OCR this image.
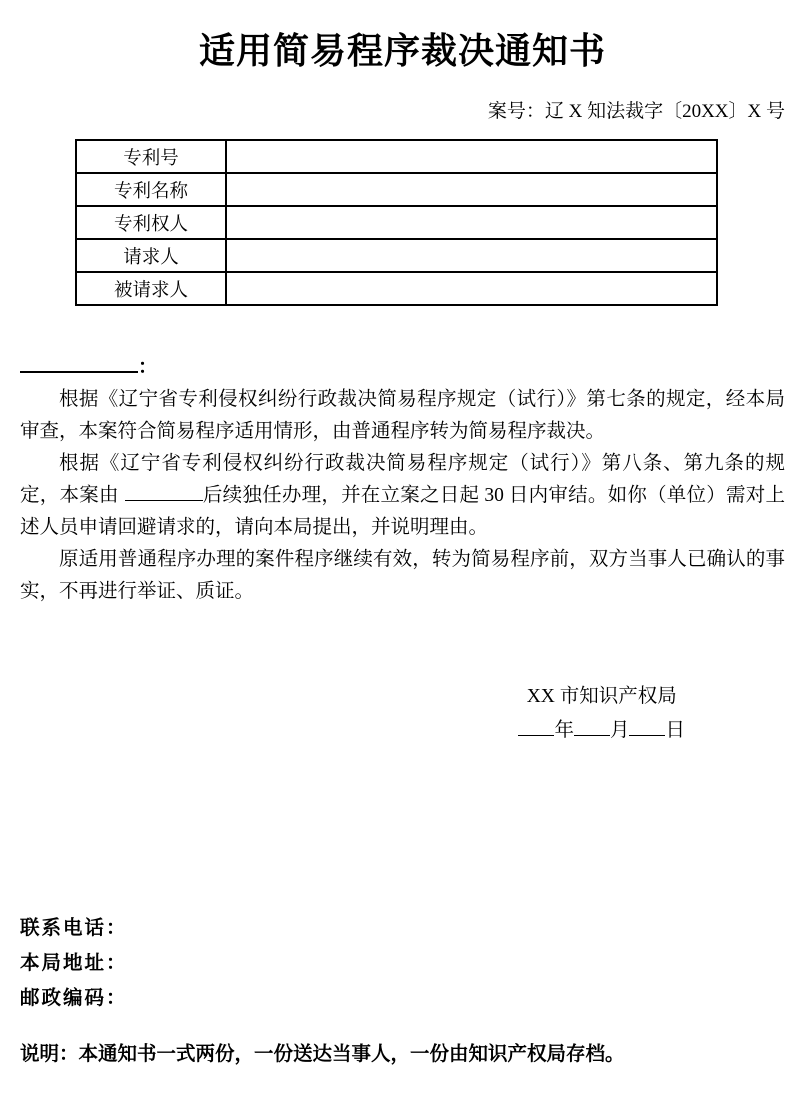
适用简易程序裁决通知书
案号：辽 X 知法裁字〔20XX〕X 号
专利号	
专利名称	
专利权人	
请求人	
被请求人	
：

根据《辽宁省专利侵权纠纷行政裁决简易程序规定（试行）》第七条的规定，经本局审查，本案符合简易程序适用情形，由普通程序转为简易程序裁决。

根据《辽宁省专利侵权纠纷行政裁决简易程序规定（试行）》第八条、第九条的规定，本案由	后续独任办理，并在立案之日起 30 日内审结。如你（单位）需对上述人员申请回避请求的，请向本局提出，并说明理由。

原适用普通程序办理的案件程序继续有效，转为简易程序前，双方当事人已确认的事实，不再进行举证、质证。

XX 市知识产权局
年 月 日
联系电话：
本局地址：
邮政编码：
说明：本通知书一式两份，一份送达当事人，一份由知识产权局存档。
